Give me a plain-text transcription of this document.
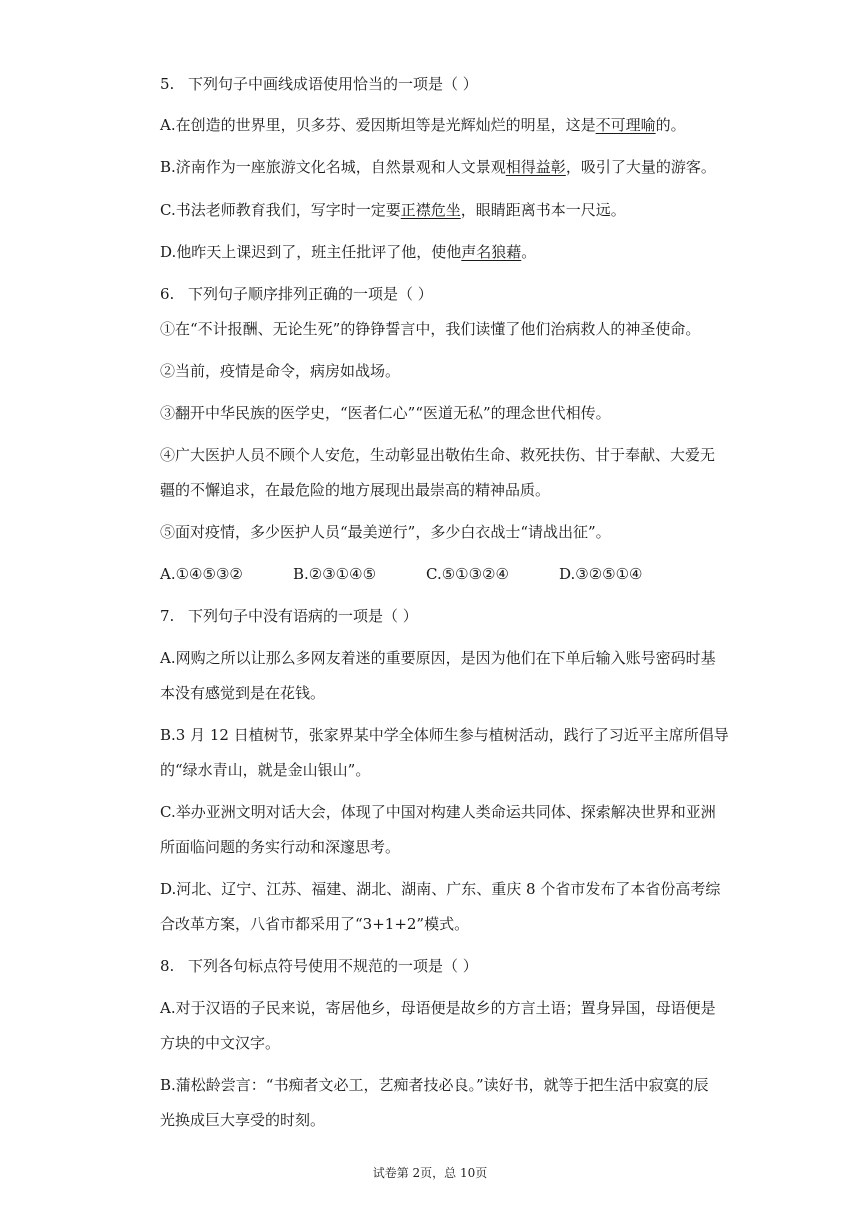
5. 下列句子中画线成语使用恰当的一项是（ ）
A.在创造的世界里，贝多芬、爱因斯坦等是光辉灿烂的明星，这是不可理喻的。
B.济南作为一座旅游文化名城，自然景观和人文景观相得益彰，吸引了大量的游客。
C.书法老师教育我们，写字时一定要正襟危坐，眼睛距离书本一尺远。
D.他昨天上课迟到了，班主任批评了他，使他声名狼藉。
6. 下列句子顺序排列正确的一项是（ ）
①在“不计报酬、无论生死”的铮铮誓言中，我们读懂了他们治病救人的神圣使命。
②当前，疫情是命令，病房如战场。
③翻开中华民族的医学史，“医者仁心”“医道无私”的理念世代相传。
④广大医护人员不顾个人安危，生动彰显出敬佑生命、救死扶伤、甘于奉献、大爱无
疆的不懈追求，在最危险的地方展现出最崇高的精神品质。
⑤面对疫情，多少医护人员“最美逆行”，多少白衣战士“请战出征”。
A.①④⑤③②	B.②③①④⑤	C.⑤①③②④	D.③②⑤①④
7. 下列句子中没有语病的一项是（ ）
A.网购之所以让那么多网友着迷的重要原因，是因为他们在下单后输入账号密码时基
本没有感觉到是在花钱。
B.3 月 12 日植树节，张家界某中学全体师生参与植树活动，践行了习近平主席所倡导
的“绿水青山，就是金山银山”。
C.举办亚洲文明对话大会，体现了中国对构建人类命运共同体、探索解决世界和亚洲
所面临问题的务实行动和深邃思考。
D.河北、辽宁、江苏、福建、湖北、湖南、广东、重庆 8 个省市发布了本省份高考综
合改革方案，八省市都采用了“3+1+2”模式。
8. 下列各句标点符号使用不规范的一项是（ ）
A.对于汉语的子民来说，寄居他乡，母语便是故乡的方言土语；置身异国，母语便是
方块的中文汉字。
B.蒲松龄尝言：“书痴者文必工，艺痴者技必良。”读好书，就等于把生活中寂寞的辰
光换成巨大享受的时刻。
试卷第 2页，总 10页
